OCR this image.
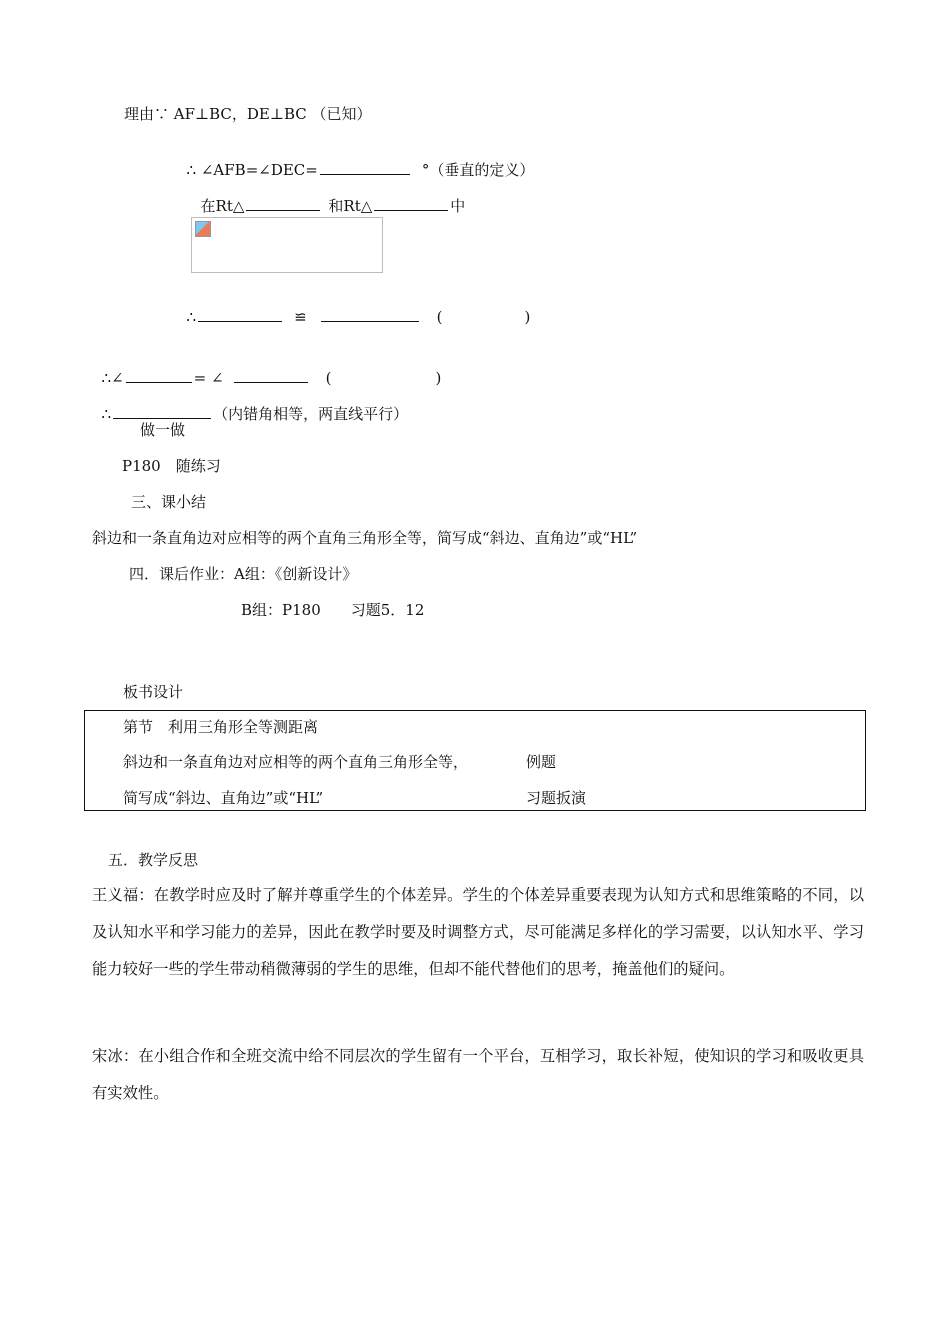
理由∵ AF⊥BC，DE⊥BC （已知）

∴ ∠AFB=∠DEC=	°（垂直的定义）

在Rt△	和Rt△	中

∴	≌	(	)

∴∠	= ∠	(	)

∴	（内错角相等，两直线平行）

做一做
P180　随练习
三、课小结
斜边和一条直角边对应相等的两个直角三角形全等，简写成“斜边、直角边”或“HL”
四．课后作业：A组：《创新设计》
B组：P180　　习题5．12
板书设计
第节　利用三角形全等测距离
斜边和一条直角边对应相等的两个直角三角形全等，	例题
简写成“斜边、直角边”或“HL”	习题扳演
五．教学反思
王义福：在教学时应及时了解并尊重学生的个体差异。学生的个体差异重要表现为认知方式和思维策略的不同，以及认知水平和学习能力的差异，因此在教学时要及时调整方式，尽可能满足多样化的学习需要，以认知水平、学习能力较好一些的学生带动稍微薄弱的学生的思维，但却不能代替他们的思考，掩盖他们的疑问。
宋冰：在小组合作和全班交流中给不同层次的学生留有一个平台，互相学习，取长补短，使知识的学习和吸收更具有实效性。
